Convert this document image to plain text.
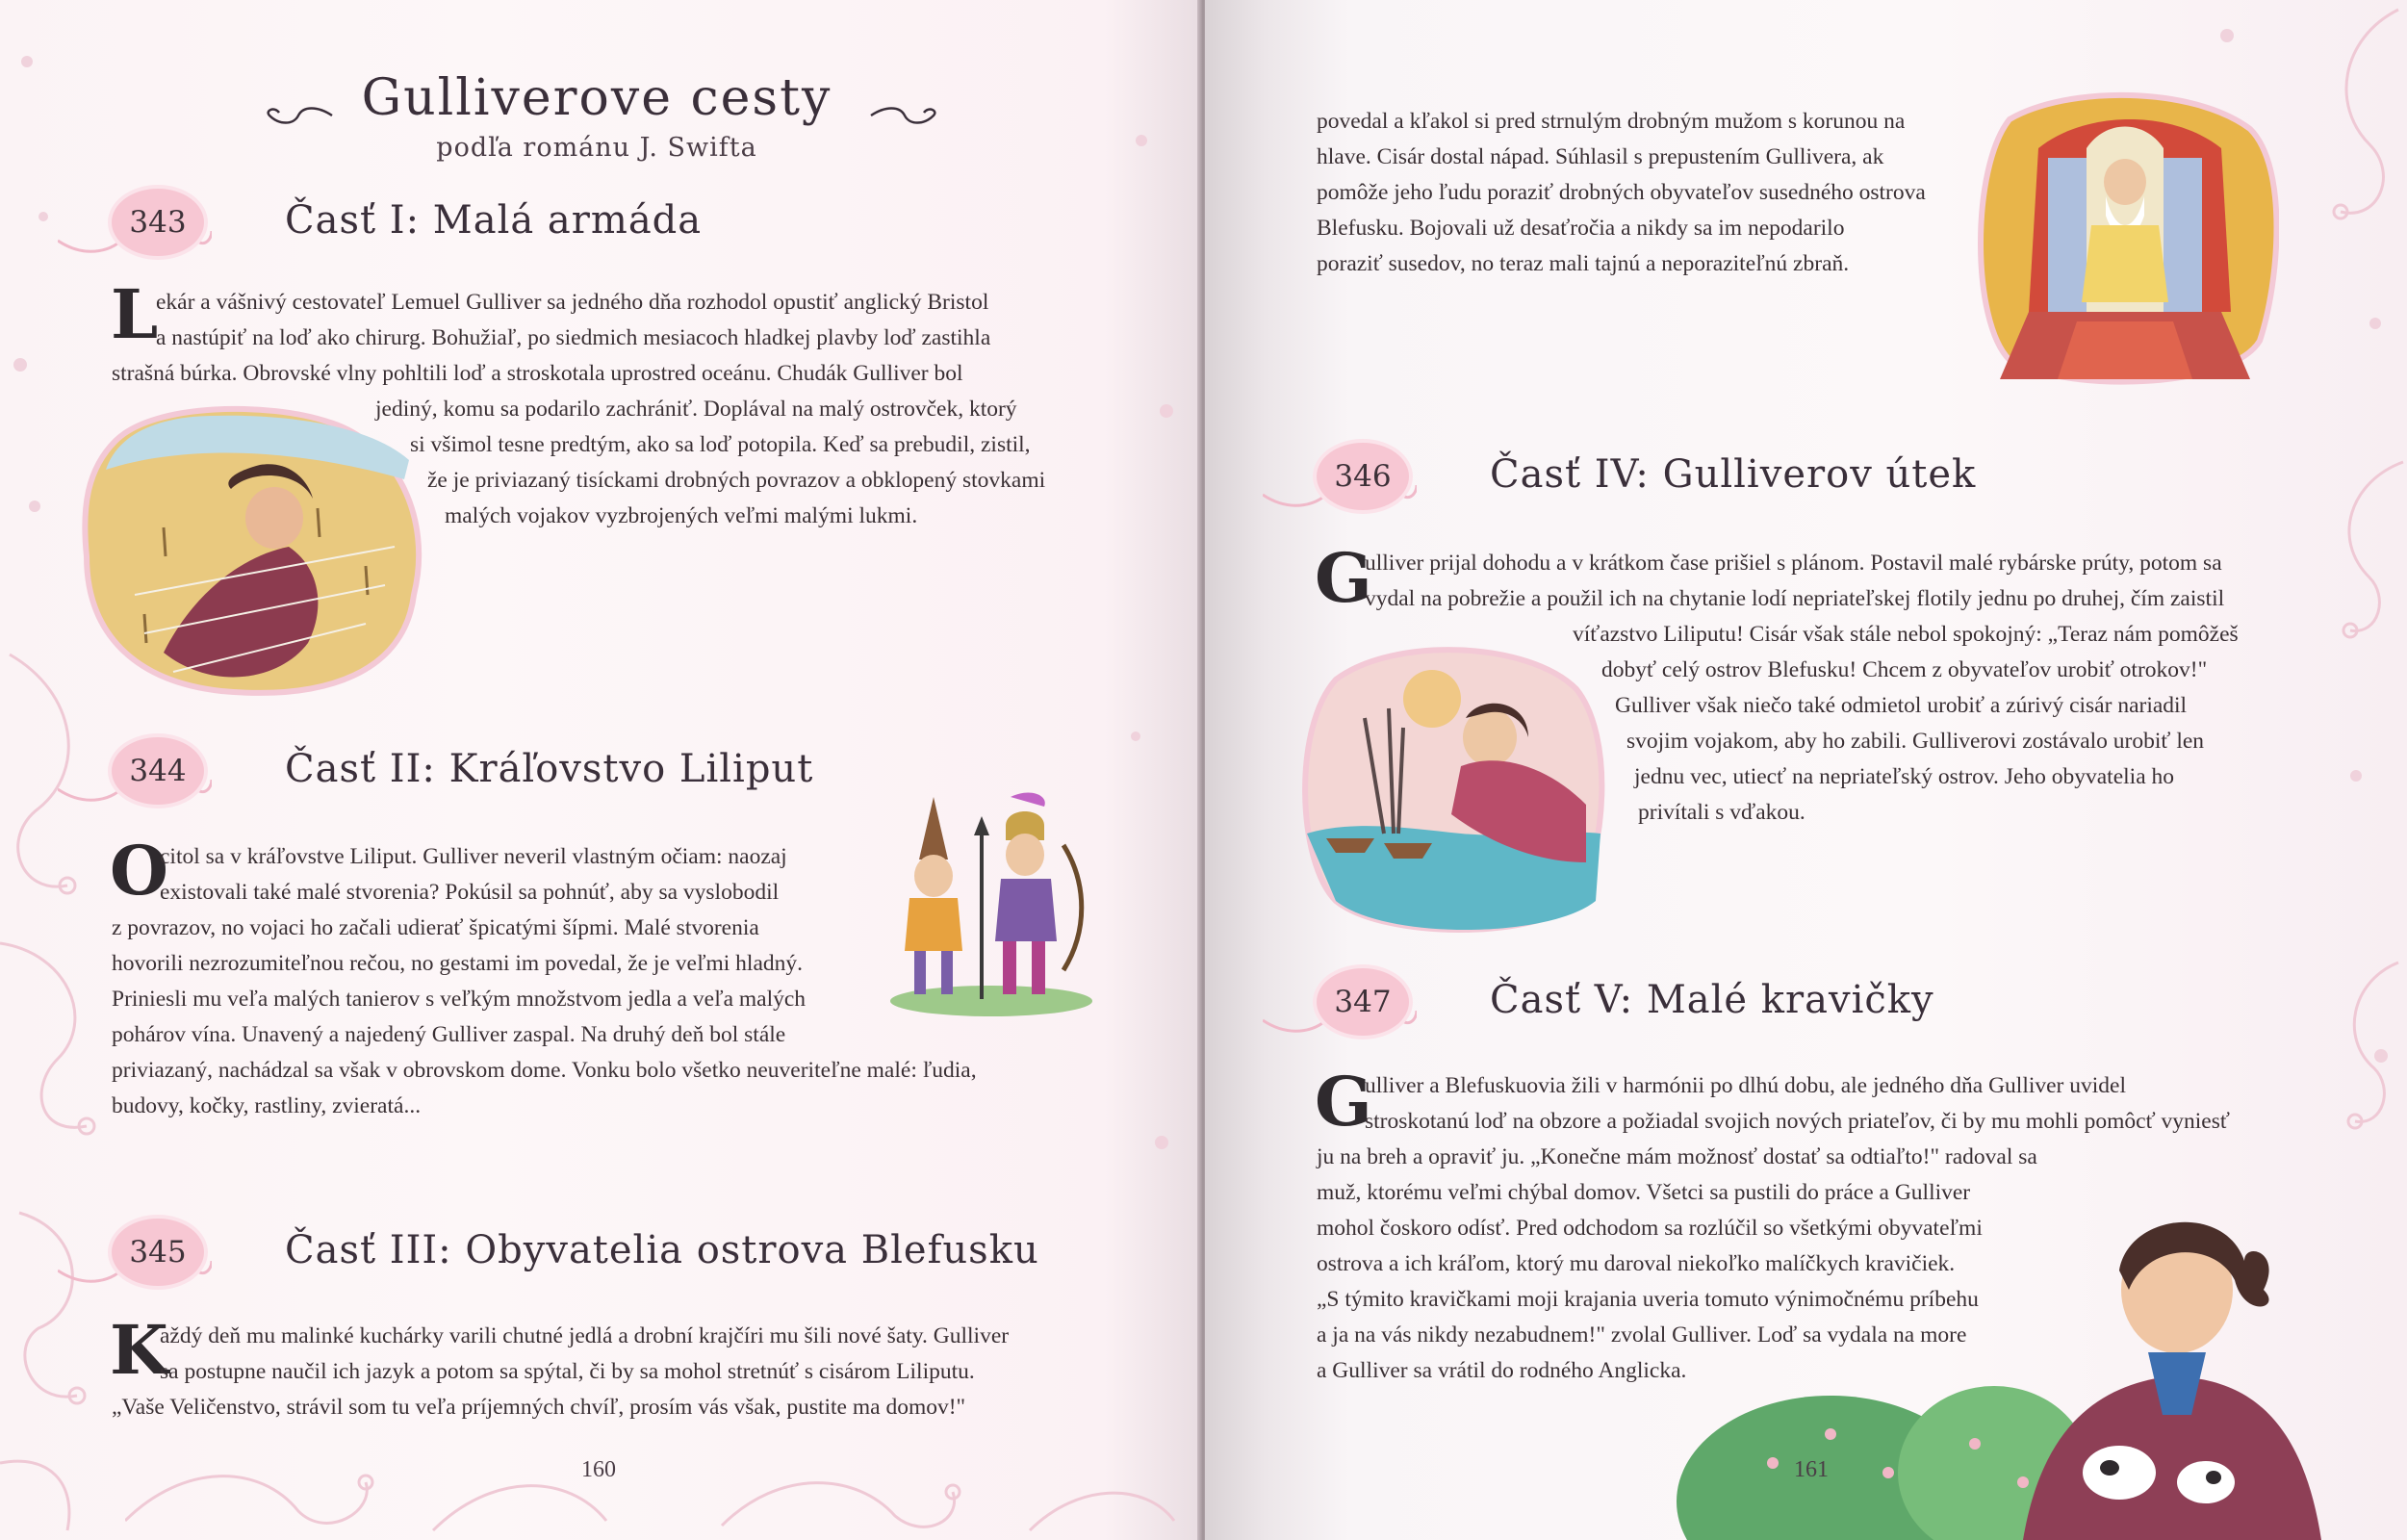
Gulliverove cesty
podľa románu J. Swifta
343	Časť I: Malá armáda
L
ekár a vášnivý cestovateľ Lemuel Gulliver sa jedného dňa rozhodol opustiť anglický Bristol
a nastúpiť na loď ako chirurg. Bohužiaľ, po siedmich mesiacoch hladkej plavby loď zastihla
strašná búrka. Obrovské vlny pohltili loď a stroskotala uprostred oceánu. Chudák Gulliver bol
jediný, komu sa podarilo zachrániť. Doplával na malý ostrovček, ktorý
si všimol tesne predtým, ako sa loď potopila. Keď sa prebudil, zistil,
že je priviazaný tisíckami drobných povrazov a obklopený stovkami
malých vojakov vyzbrojených veľmi malými lukmi.
344	Časť II: Kráľovstvo Liliput
O
citol sa v kráľovstve Liliput. Gulliver neveril vlastným očiam: naozaj
existovali také malé stvorenia? Pokúsil sa pohnúť, aby sa vyslobodil
z povrazov, no vojaci ho začali udierať špicatými šípmi. Malé stvorenia
hovorili nezrozumiteľnou rečou, no gestami im povedal, že je veľmi hladný.
Priniesli mu veľa malých tanierov s veľkým množstvom jedla a veľa malých
pohárov vína. Unavený a najedený Gulliver zaspal. Na druhý deň bol stále
priviazaný, nachádzal sa však v obrovskom dome. Vonku bolo všetko neuveriteľne malé: ľudia,
budovy, kočky, rastliny, zvieratá...
345	Časť III: Obyvatelia ostrova Blefusku
K
aždý deň mu malinké kuchárky varili chutné jedlá a drobní krajčíri mu šili nové šaty. Gulliver
sa postupne naučil ich jazyk a potom sa spýtal, či by sa mohol stretnúť s cisárom Liliputu.
„Vaše Veličenstvo, strávil som tu veľa príjemných chvíľ, prosím vás však, pustite ma domov!"
160
povedal a kľakol si pred strnulým drobným mužom s korunou na
hlave. Cisár dostal nápad. Súhlasil s prepustením Gullivera, ak
pomôže jeho ľudu poraziť drobných obyvateľov susedného ostrova
Blefusku. Bojovali už desaťročia a nikdy sa im nepodarilo
poraziť susedov, no teraz mali tajnú a neporaziteľnú zbraň.
346	Časť IV: Gulliverov útek
G
ulliver prijal dohodu a v krátkom čase prišiel s plánom. Postavil malé rybárske prúty, potom sa
vydal na pobrežie a použil ich na chytanie lodí nepriateľskej flotily jednu po druhej, čím zaistil
víťazstvo Liliputu! Cisár však stále nebol spokojný: „Teraz nám pomôžeš
dobyť celý ostrov Blefusku! Chcem z obyvateľov urobiť otrokov!"
Gulliver však niečo také odmietol urobiť a zúrivý cisár nariadil
svojim vojakom, aby ho zabili. Gulliverovi zostávalo urobiť len
jednu vec, utiecť na nepriateľský ostrov. Jeho obyvatelia ho
privítali s vďakou.
347	Časť V: Malé kravičky
G
ulliver a Blefuskuovia žili v harmónii po dlhú dobu, ale jedného dňa Gulliver uvidel
stroskotanú loď na obzore a požiadal svojich nových priateľov, či by mu mohli pomôcť vyniesť
ju na breh a opraviť ju. „Konečne mám možnosť dostať sa odtiaľto!" radoval sa
muž, ktorému veľmi chýbal domov. Všetci sa pustili do práce a Gulliver
mohol čoskoro odísť. Pred odchodom sa rozlúčil so všetkými obyvateľmi
ostrova a ich kráľom, ktorý mu daroval niekoľko malíčkych kravičiek.
„S týmito kravičkami moji krajania uveria tomuto výnimočnému príbehu
a ja na vás nikdy nezabudnem!" zvolal Gulliver. Loď sa vydala na more
a Gulliver sa vrátil do rodného Anglicka.
161
